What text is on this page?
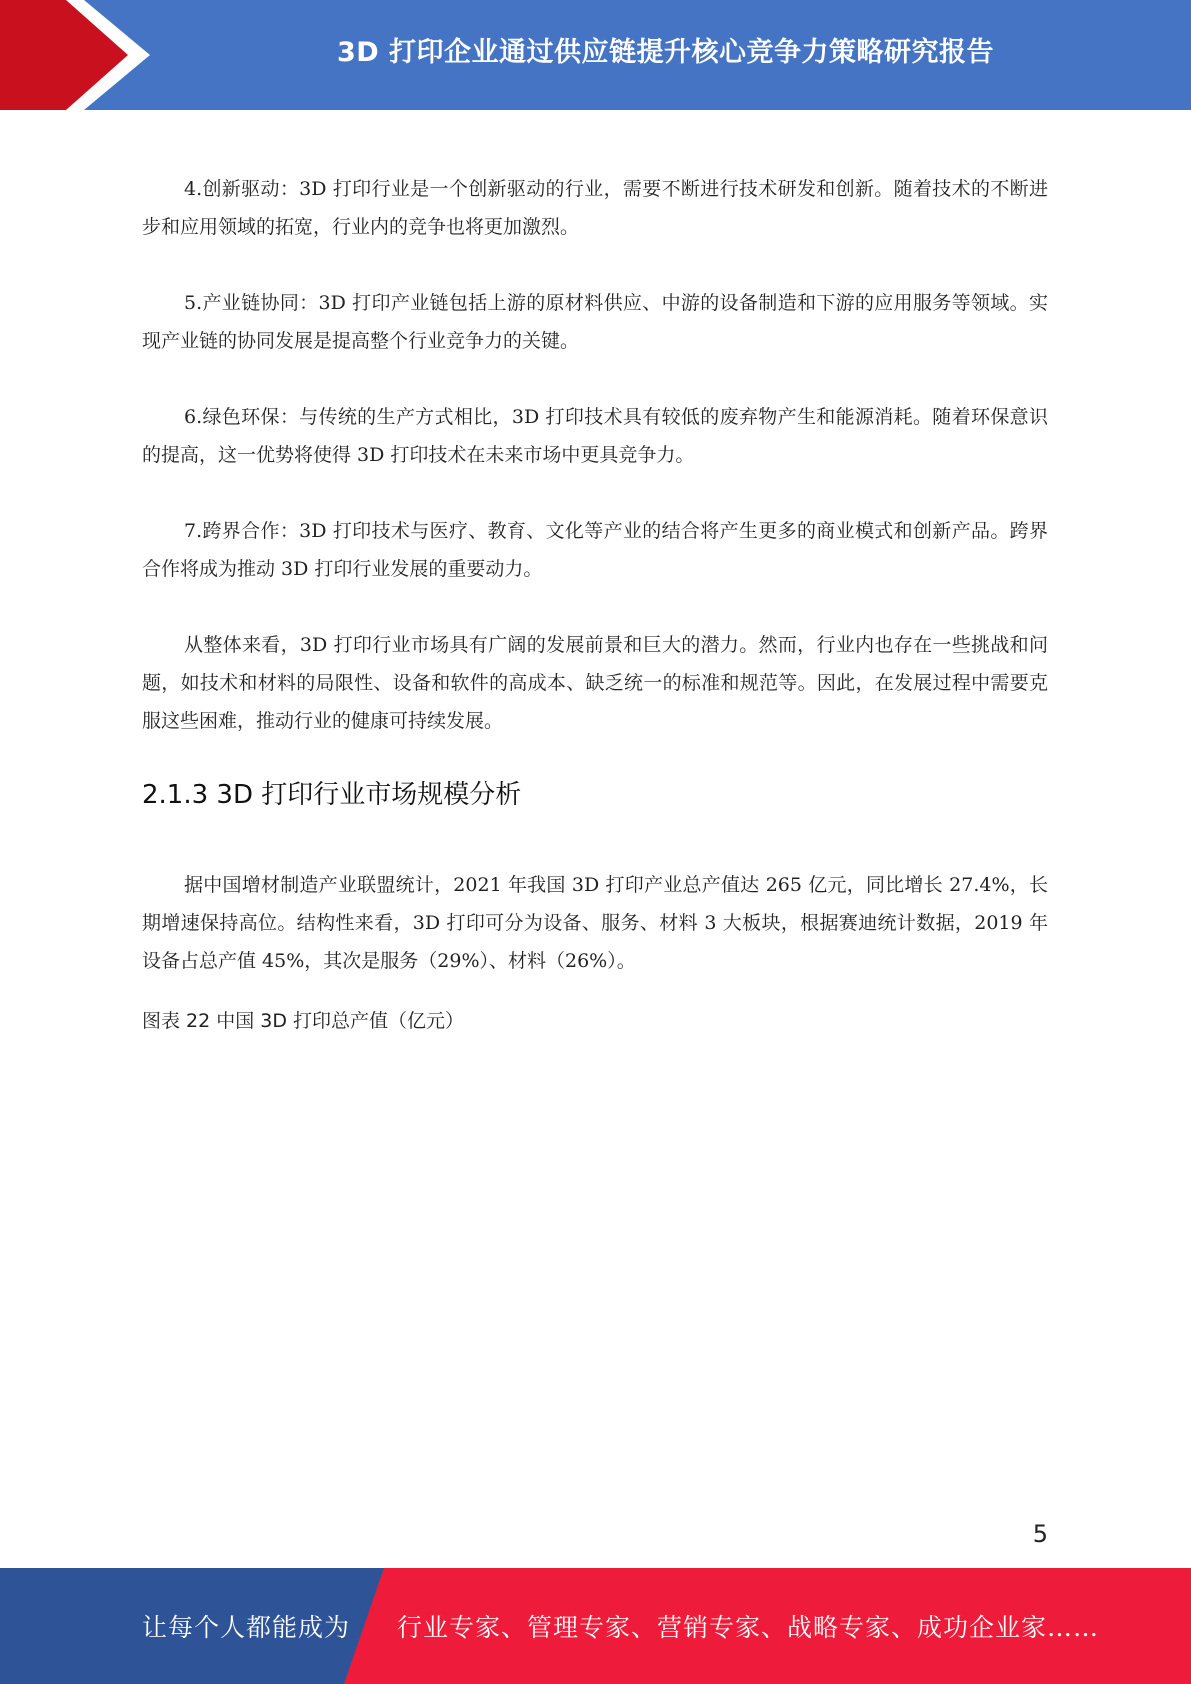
3D 打印企业通过供应链提升核心竞争力策略研究报告

4.创新驱动：3D 打印行业是一个创新驱动的行业，需要不断进行技术研发和创新。随着技术的不断进步和应用领域的拓宽，行业内的竞争也将更加激烈。

5.产业链协同：3D 打印产业链包括上游的原材料供应、中游的设备制造和下游的应用服务等领域。实现产业链的协同发展是提高整个行业竞争力的关键。

6.绿色环保：与传统的生产方式相比，3D 打印技术具有较低的废弃物产生和能源消耗。随着环保意识的提高，这一优势将使得 3D 打印技术在未来市场中更具竞争力。

7.跨界合作：3D 打印技术与医疗、教育、文化等产业的结合将产生更多的商业模式和创新产品。跨界合作将成为推动 3D 打印行业发展的重要动力。

从整体来看，3D 打印行业市场具有广阔的发展前景和巨大的潜力。然而，行业内也存在一些挑战和问题，如技术和材料的局限性、设备和软件的高成本、缺乏统一的标准和规范等。因此，在发展过程中需要克服这些困难，推动行业的健康可持续发展。

2.1.3 3D 打印行业市场规模分析

据中国增材制造产业联盟统计，2021 年我国 3D 打印产业总产值达 265 亿元，同比增长 27.4%，长期增速保持高位。结构性来看，3D 打印可分为设备、服务、材料 3 大板块，根据赛迪统计数据，2019 年设备占总产值 45%，其次是服务（29%）、材料（26%）。

图表 22 中国 3D 打印总产值（亿元）
5
让每个人都能成为 行业专家、管理专家、营销专家、战略专家、成功企业家……
